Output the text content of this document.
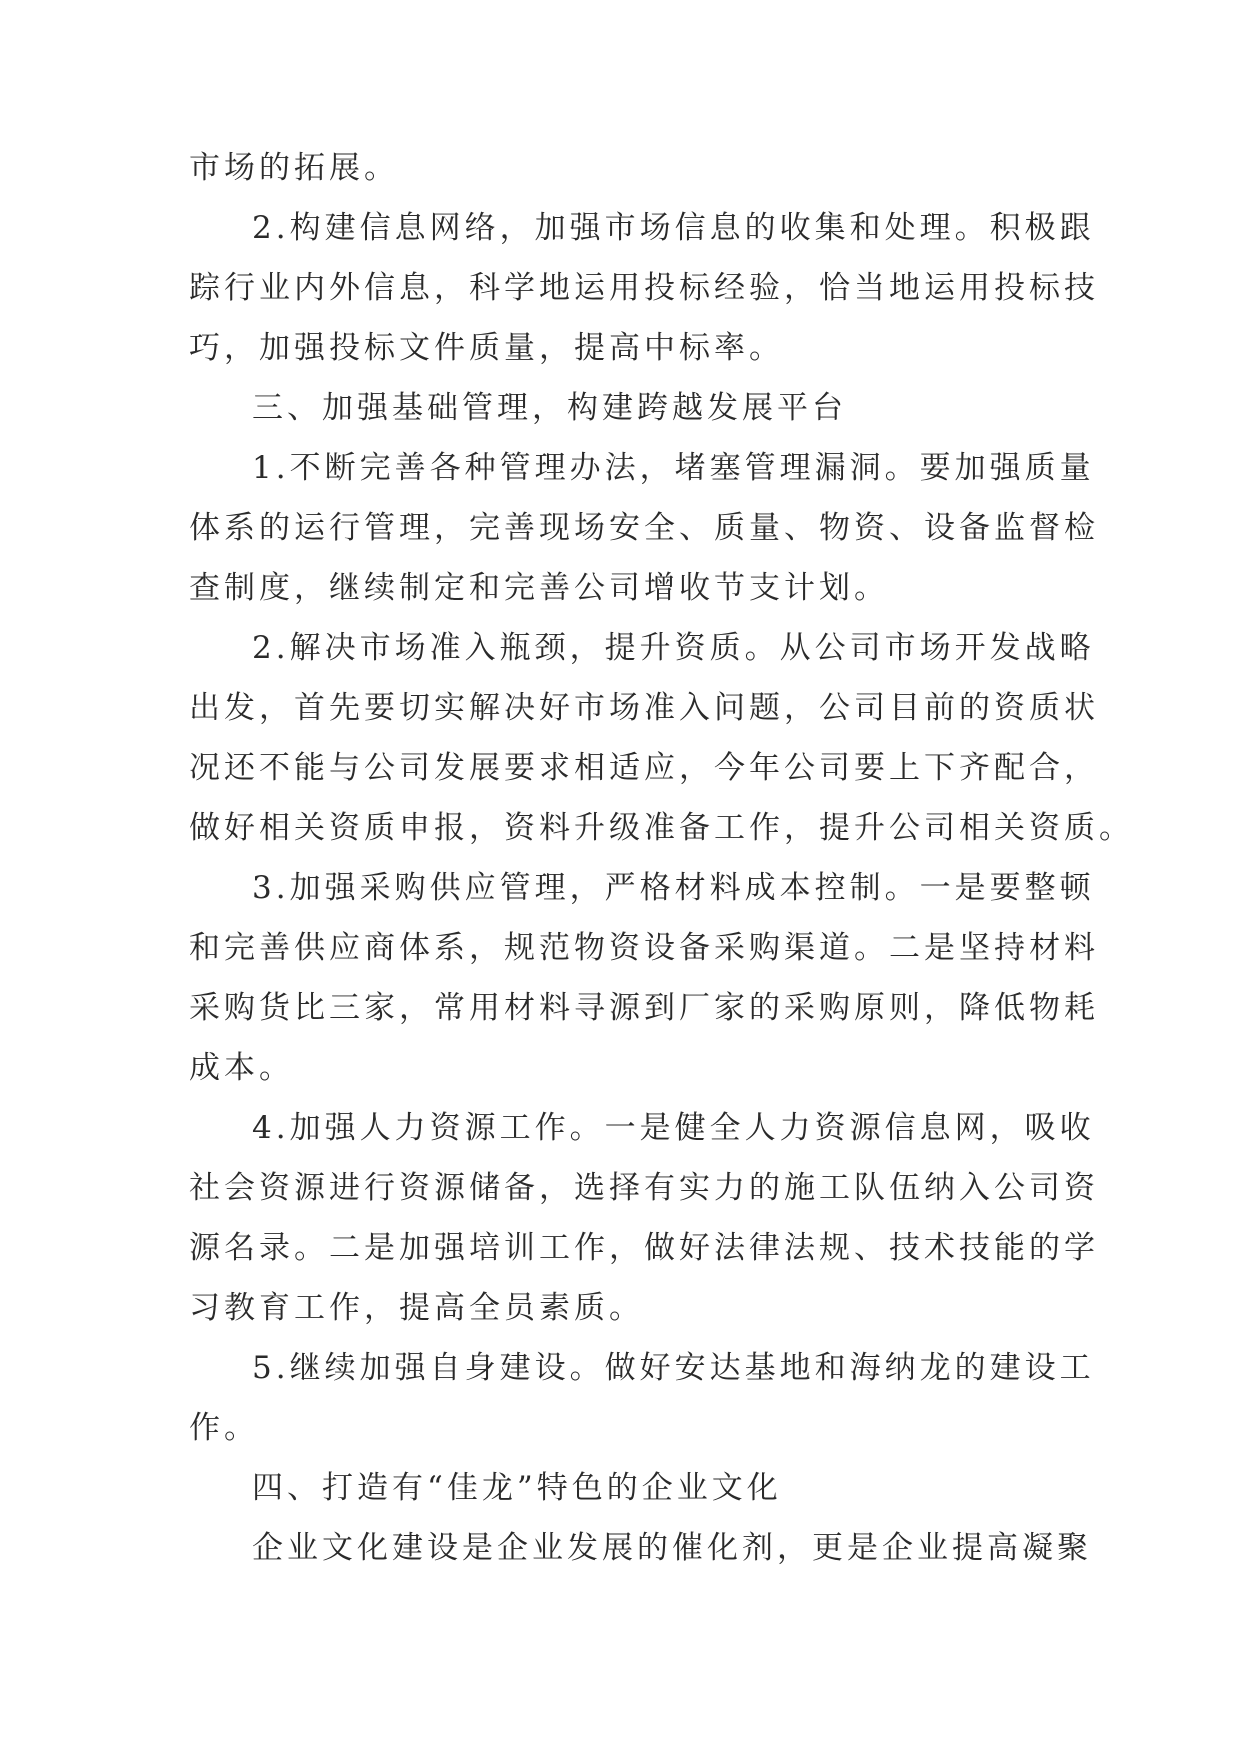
市场的拓展。
2.构建信息网络，加强市场信息的收集和处理。积极跟
踪行业内外信息，科学地运用投标经验，恰当地运用投标技
巧，加强投标文件质量，提高中标率。
三、加强基础管理，构建跨越发展平台
1.不断完善各种管理办法，堵塞管理漏洞。要加强质量
体系的运行管理，完善现场安全、质量、物资、设备监督检
查制度，继续制定和完善公司增收节支计划。
2.解决市场准入瓶颈，提升资质。从公司市场开发战略
出发，首先要切实解决好市场准入问题，公司目前的资质状
况还不能与公司发展要求相适应，今年公司要上下齐配合，
做好相关资质申报，资料升级准备工作，提升公司相关资质。
3.加强采购供应管理，严格材料成本控制。一是要整顿
和完善供应商体系，规范物资设备采购渠道。二是坚持材料
采购货比三家，常用材料寻源到厂家的采购原则，降低物耗
成本。
4.加强人力资源工作。一是健全人力资源信息网，吸收
社会资源进行资源储备，选择有实力的施工队伍纳入公司资
源名录。二是加强培训工作，做好法律法规、技术技能的学
习教育工作，提高全员素质。
5.继续加强自身建设。做好安达基地和海纳龙的建设工
作。
四、打造有“佳龙”特色的企业文化
企业文化建设是企业发展的催化剂，更是企业提高凝聚
